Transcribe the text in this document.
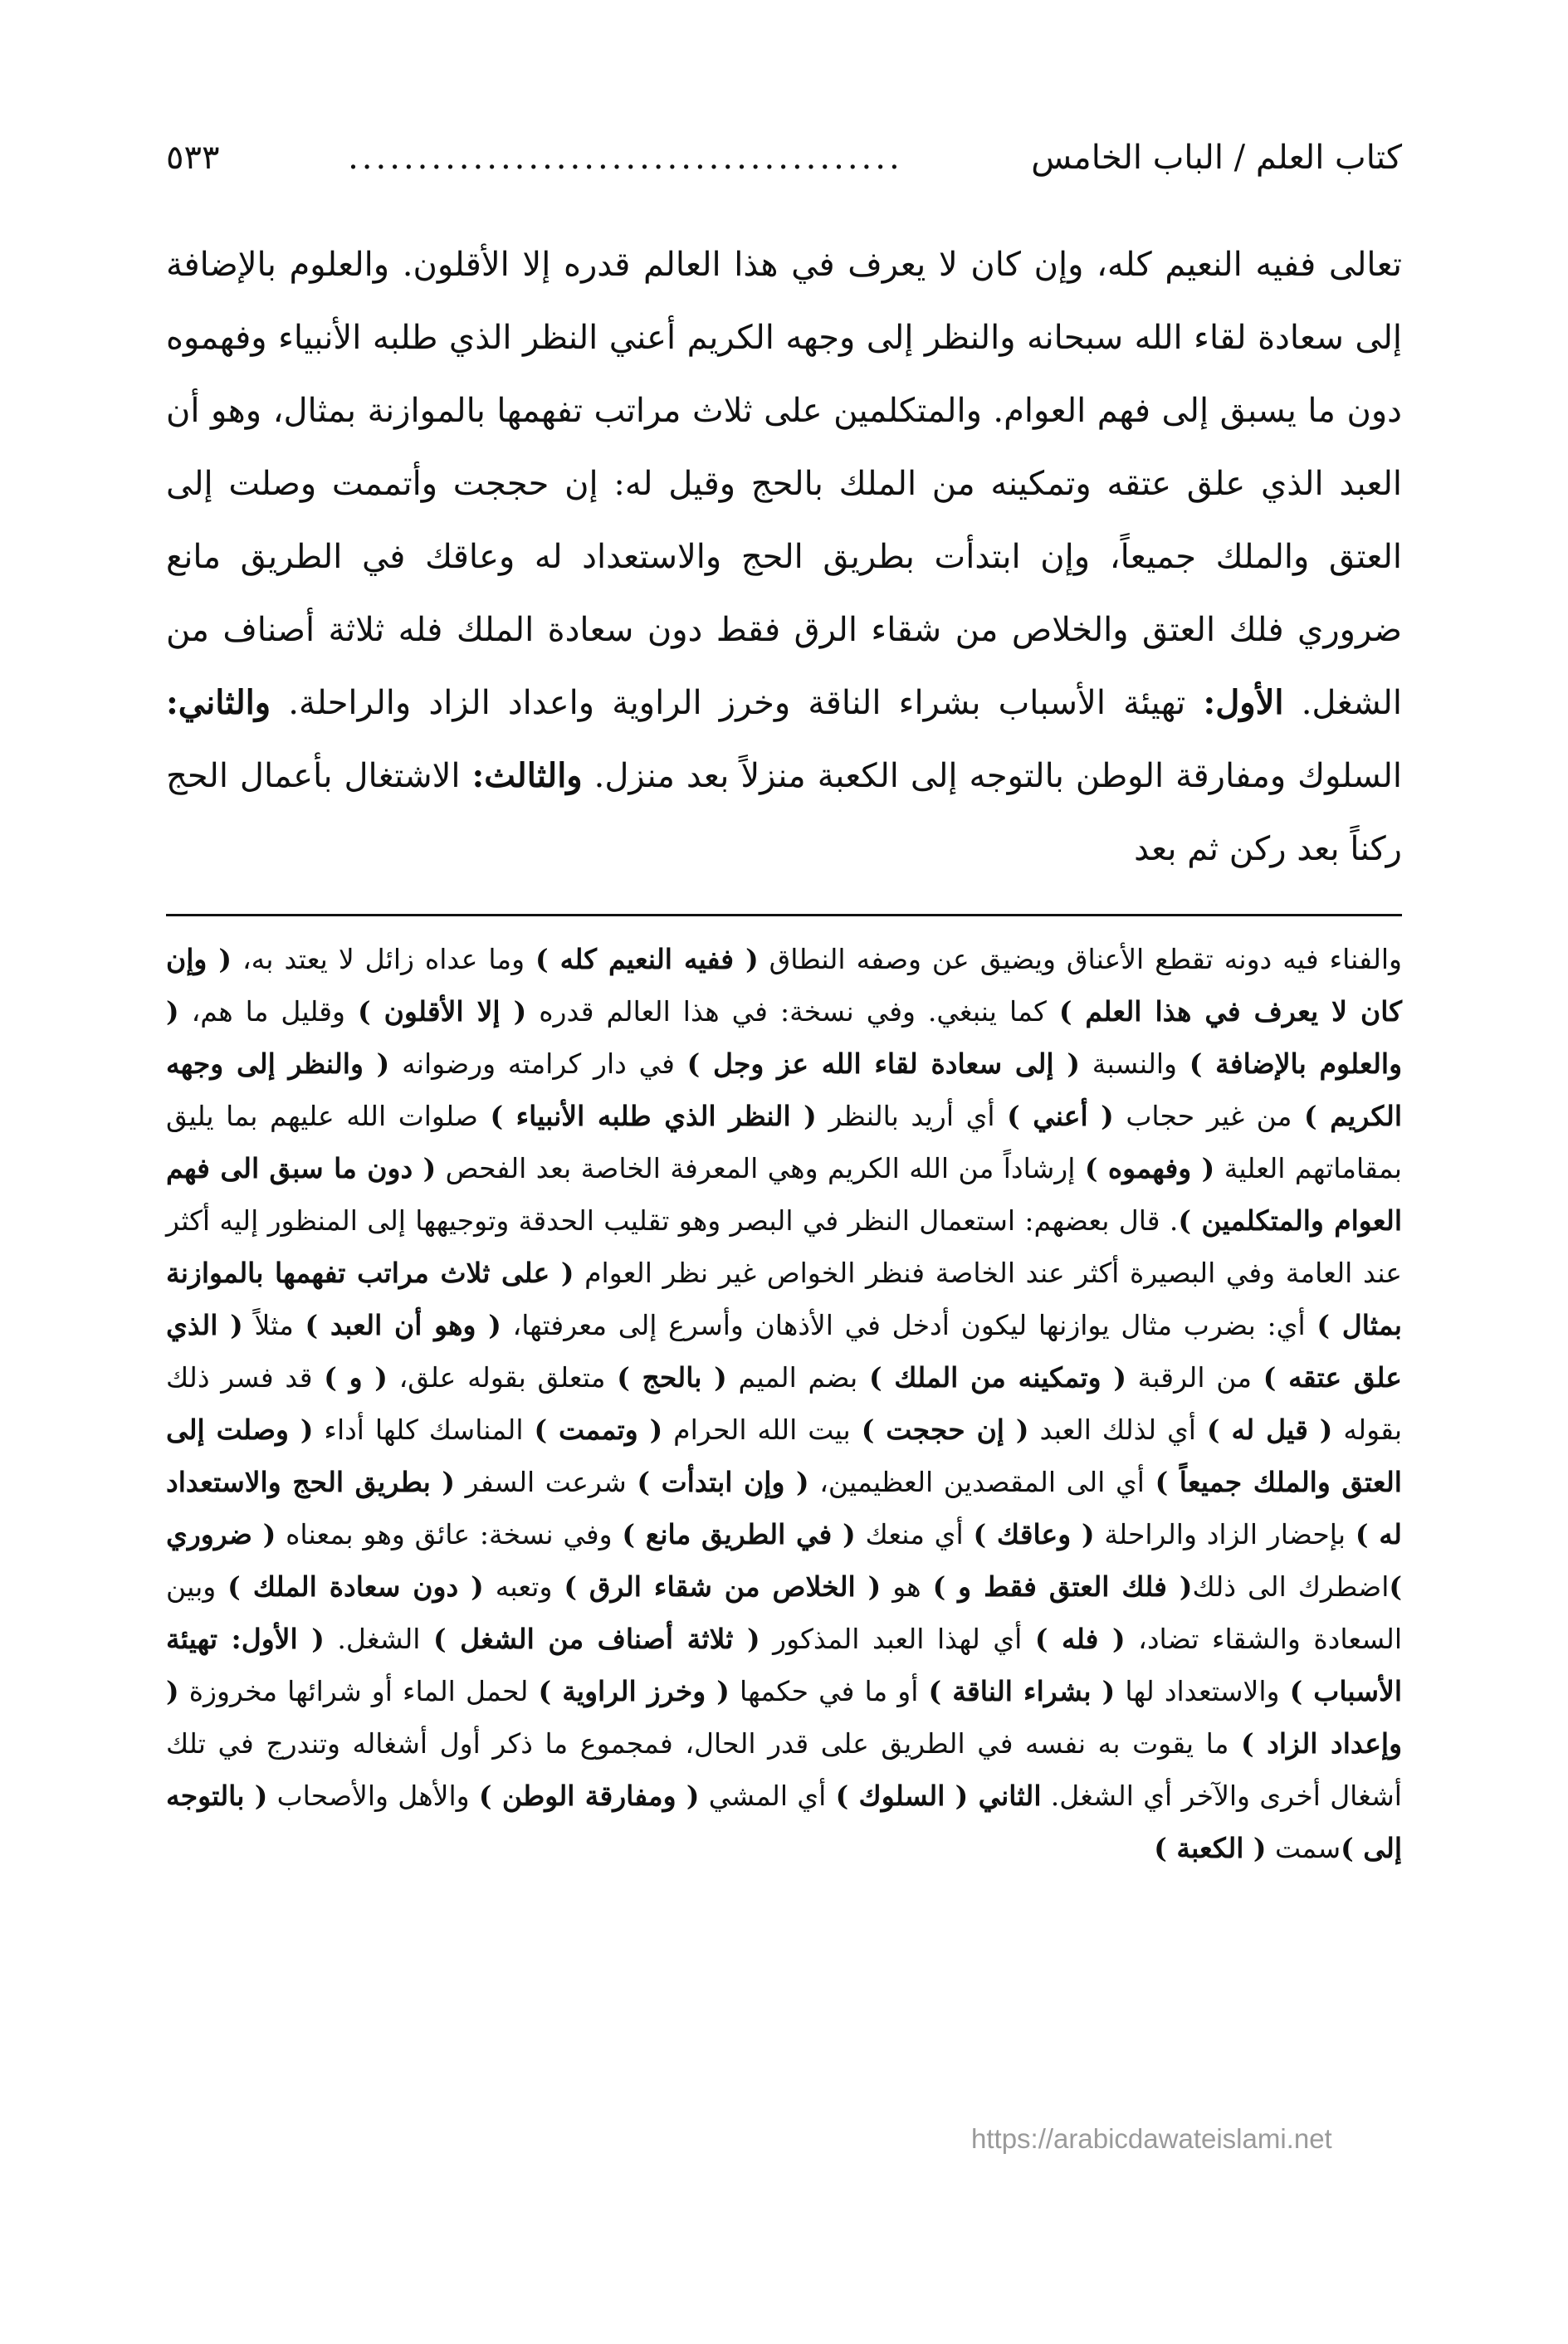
كتاب العلم / الباب الخامس
........................................
٥٣٣

تعالى ففيه النعيم كله، وإن كان لا يعرف في هذا العالم قدره إلا الأقلون. والعلوم بالإضافة إلى سعادة لقاء الله سبحانه والنظر إلى وجهه الكريم أعني النظر الذي طلبه الأنبياء وفهموه دون ما يسبق إلى فهم العوام. والمتكلمين على ثلاث مراتب تفهمها بالموازنة بمثال، وهو أن العبد الذي علق عتقه وتمكينه من الملك بالحج وقيل له: إن حججت وأتممت وصلت إلى العتق والملك جميعاً، وإن ابتدأت بطريق الحج والاستعداد له وعاقك في الطريق مانع ضروري فلك العتق والخلاص من شقاء الرق فقط دون سعادة الملك فله ثلاثة أصناف من الشغل. الأول: تهيئة الأسباب بشراء الناقة وخرز الراوية واعداد الزاد والراحلة. والثاني: السلوك ومفارقة الوطن بالتوجه إلى الكعبة منزلاً بعد منزل. والثالث: الاشتغال بأعمال الحج ركناً بعد ركن ثم بعد

والفناء فيه دونه تقطع الأعناق ويضيق عن وصفه النطاق ( ففيه النعيم كله ) وما عداه زائل لا يعتد به، ( وإن كان لا يعرف في هذا العلم ) كما ينبغي. وفي نسخة: في هذا العالم قدره ( إلا الأقلون ) وقليل ما هم، ( والعلوم بالإضافة ) والنسبة ( إلى سعادة لقاء الله عز وجل ) في دار كرامته ورضوانه ( والنظر إلى وجهه الكريم ) من غير حجاب ( أعني ) أي أريد بالنظر ( النظر الذي طلبه الأنبياء ) صلوات الله عليهم بما يليق بمقاماتهم العلية ( وفهموه ) إرشاداً من الله الكريم وهي المعرفة الخاصة بعد الفحص ( دون ما سبق الى فهم العوام والمتكلمين ). قال بعضهم: استعمال النظر في البصر وهو تقليب الحدقة وتوجيهها إلى المنظور إليه أكثر عند العامة وفي البصيرة أكثر عند الخاصة فنظر الخواص غير نظر العوام ( على ثلاث مراتب تفهمها بالموازنة بمثال ) أي: بضرب مثال يوازنها ليكون أدخل في الأذهان وأسرع إلى معرفتها، ( وهو أن العبد ) مثلاً ( الذي علق عتقه ) من الرقبة ( وتمكينه من الملك ) بضم الميم ( بالحج ) متعلق بقوله علق، ( و ) قد فسر ذلك بقوله ( قيل له ) أي لذلك العبد ( إن حججت ) بيت الله الحرام ( وتممت ) المناسك كلها أداء ( وصلت إلى العتق والملك جميعاً ) أي الى المقصدين العظيمين، ( وإن ابتدأت ) شرعت السفر ( بطريق الحج والاستعداد له ) بإحضار الزاد والراحلة ( وعاقك ) أي منعك ( في الطريق مانع ) وفي نسخة: عائق وهو بمعناه ( ضروري )اضطرك الى ذلك( فلك العتق فقط و ) هو ( الخلاص من شقاء الرق ) وتعبه ( دون سعادة الملك ) وبين السعادة والشقاء تضاد، ( فله ) أي لهذا العبد المذكور ( ثلاثة أصناف من الشغل ) الشغل. ( الأول: تهيئة الأسباب ) والاستعداد لها ( بشراء الناقة ) أو ما في حكمها ( وخرز الراوية ) لحمل الماء أو شرائها مخروزة ( وإعداد الزاد ) ما يقوت به نفسه في الطريق على قدر الحال، فمجموع ما ذكر أول أشغاله وتندرج في تلك أشغال أخرى والآخر أي الشغل. الثاني ( السلوك ) أي المشي ( ومفارقة الوطن ) والأهل والأصحاب ( بالتوجه إلى )سمت ( الكعبة )

https://arabicdawateislami.net
